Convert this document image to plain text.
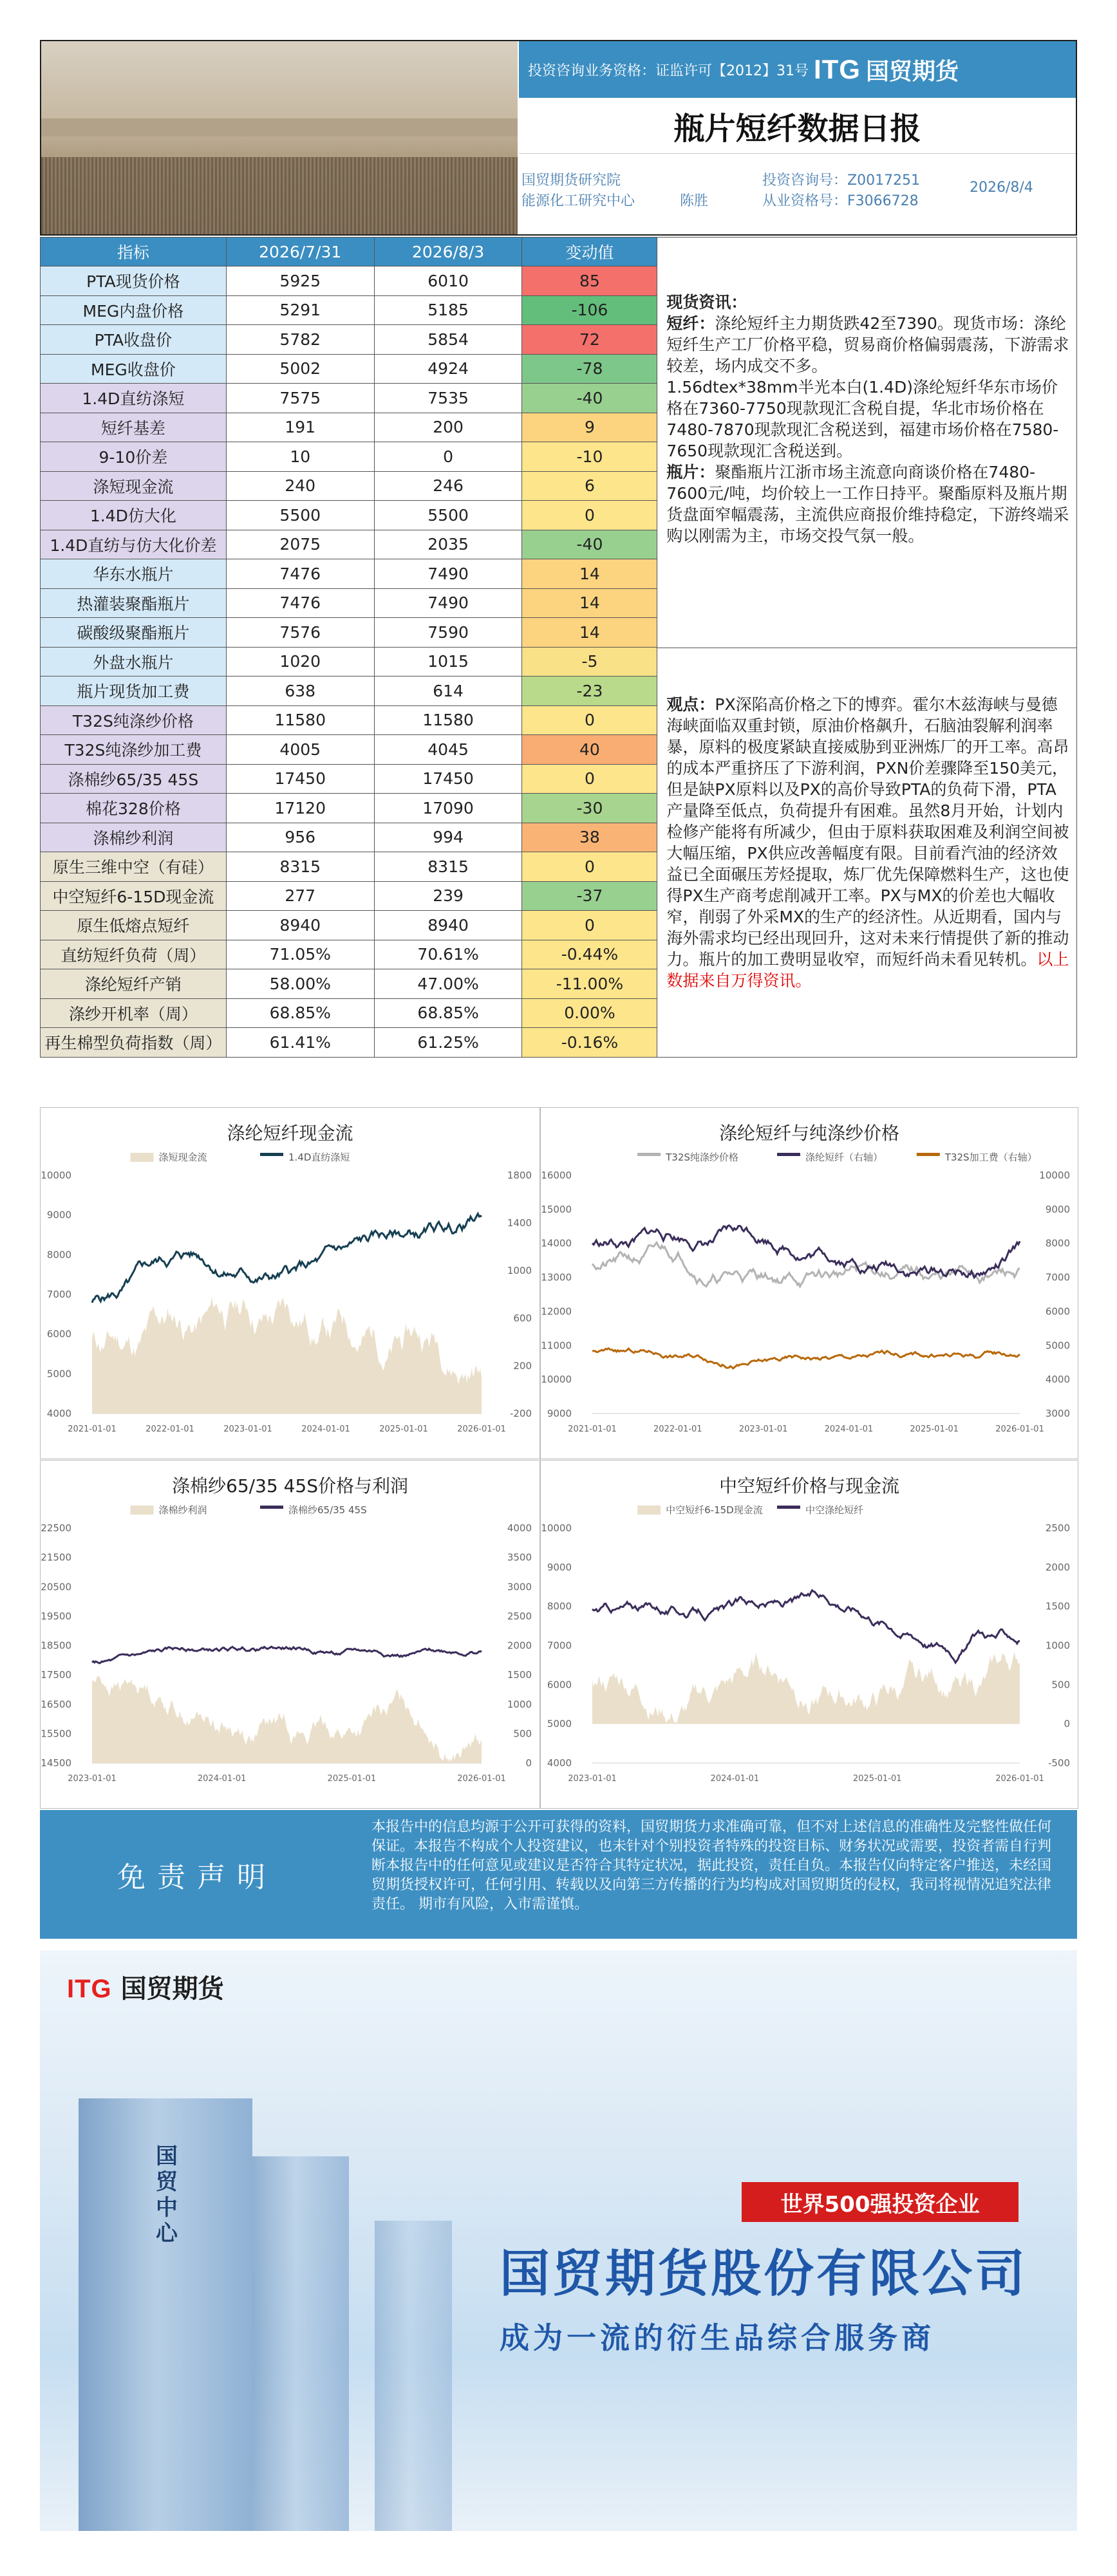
投资咨询业务资格：证监许可【2012】31号 ITG 国贸期货
瓶片短纤数据日报
国贸期货研究院
能源化工研究中心	陈胜
投资咨询号：Z0017251
从业资格号：F3066728
2026/8/4
指标	2026/7/31	2026/8/3	变动值
PTA现货价格	5925	6010	85
MEG内盘价格	5291	5185	-106
PTA收盘价	5782	5854	72
MEG收盘价	5002	4924	-78
1.4D直纺涤短	7575	7535	-40
短纤基差	191	200	9
9-10价差	10	0	-10
涤短现金流	240	246	6
1.4D仿大化	5500	5500	0
1.4D直纺与仿大化价差	2075	2035	-40
华东水瓶片	7476	7490	14
热灌装聚酯瓶片	7476	7490	14
碳酸级聚酯瓶片	7576	7590	14
外盘水瓶片	1020	1015	-5
瓶片现货加工费	638	614	-23
T32S纯涤纱价格	11580	11580	0
T32S纯涤纱加工费	4005	4045	40
涤棉纱65/35 45S	17450	17450	0
棉花328价格	17120	17090	-30
涤棉纱利润	956	994	38
原生三维中空（有硅）	8315	8315	0
中空短纤6-15D现金流	277	239	-37
原生低熔点短纤	8940	8940	0
直纺短纤负荷（周）	71.05%	70.61%	-0.44%
涤纶短纤产销	58.00%	47.00%	-11.00%
涤纱开机率（周）	68.85%	68.85%	0.00%
再生棉型负荷指数（周）	61.41%	61.25%	-0.16%

现货资讯：

短纤：涤纶短纤主力期货跌42至7390。现货市场：涤纶短纤生产工厂价格平稳，贸易商价格偏弱震荡，下游需求较差，场内成交不多。

1.56dtex*38mm半光本白(1.4D)涤纶短纤华东市场价格在7360-7750现款现汇含税自提，华北市场价格在7480-7870现款现汇含税送到，福建市场价格在7580-7650现款现汇含税送到。

瓶片：聚酯瓶片江浙市场主流意向商谈价格在7480-7600元/吨，均价较上一工作日持平。聚酯原料及瓶片期货盘面窄幅震荡，主流供应商报价维持稳定，下游终端采购以刚需为主，市场交投气氛一般。

观点：PX深陷高价格之下的博弈。霍尔木兹海峡与曼德海峡面临双重封锁，原油价格飙升，石脑油裂解利润率暴，原料的极度紧缺直接威胁到亚洲炼厂的开工率。高昂的成本严重挤压了下游利润，PXN价差骤降至150美元，但是缺PX原料以及PX的高价导致PTA的负荷下滑，PTA产量降至低点，负荷提升有困难。虽然8月开始，计划内检修产能将有所减少，但由于原料获取困难及利润空间被大幅压缩，PX供应改善幅度有限。目前看汽油的经济效益已全面碾压芳烃提取，炼厂优先保障燃料生产，这也使得PX生产商考虑削减开工率。PX与MX的价差也大幅收窄，削弱了外采MX的生产的经济性。从近期看，国内与海外需求均已经出现回升，这对未来行情提供了新的推动力。瓶片的加工费明显收窄，而短纤尚未看见转机。以上数据来自万得资讯。

涤纶短纤现金流
涤短现金流	1.4D直纺涤短
10000
9000
8000
7000
6000
5000
4000
1800
1400
1000
600
200
-200
2021-01-01	2022-01-01	2023-01-01	2024-01-01	2025-01-01	2026-01-01
涤纶短纤与纯涤纱价格
T32S纯涤纱价格	涤纶短纤（右轴）	T32S加工费（右轴）
16000
15000
14000
13000
12000
11000
10000
9000
10000
9000
8000
7000
6000
5000
4000
3000
2021-01-01	2022-01-01	2023-01-01	2024-01-01	2025-01-01	2026-01-01
涤棉纱65/35 45S价格与利润
涤棉纱利润	涤棉纱65/35 45S
22500
21500
20500
19500
18500
17500
16500
15500
14500
4000
3500
3000
2500
2000
1500
1000
500
0
2023-01-01	2024-01-01	2025-01-01	2026-01-01
中空短纤价格与现金流
中空短纤6-15D现金流	中空涤纶短纤
10000
9000
8000
7000
6000
5000
4000
2500
2000
1500
1000
500
0
-500
2023-01-01	2024-01-01	2025-01-01	2026-01-01
免责声明
本报告中的信息均源于公开可获得的资料，国贸期货力求准确可靠，但不对上述信息的准确性及完整性做任何保证。本报告不构成个人投资建议，也未针对个别投资者特殊的投资目标、财务状况或需要，投资者需自行判断本报告中的任何意见或建议是否符合其特定状况，据此投资，责任自负。本报告仅向特定客户推送，未经国贸期货授权许可，任何引用、转载以及向第三方传播的行为均构成对国贸期货的侵权，我司将视情况追究法律责任。 期市有风险，入市需谨慎。
国贸中心
ITG 国贸期货
世界500强投资企业
国贸期货股份有限公司
成为一流的衍生品综合服务商
